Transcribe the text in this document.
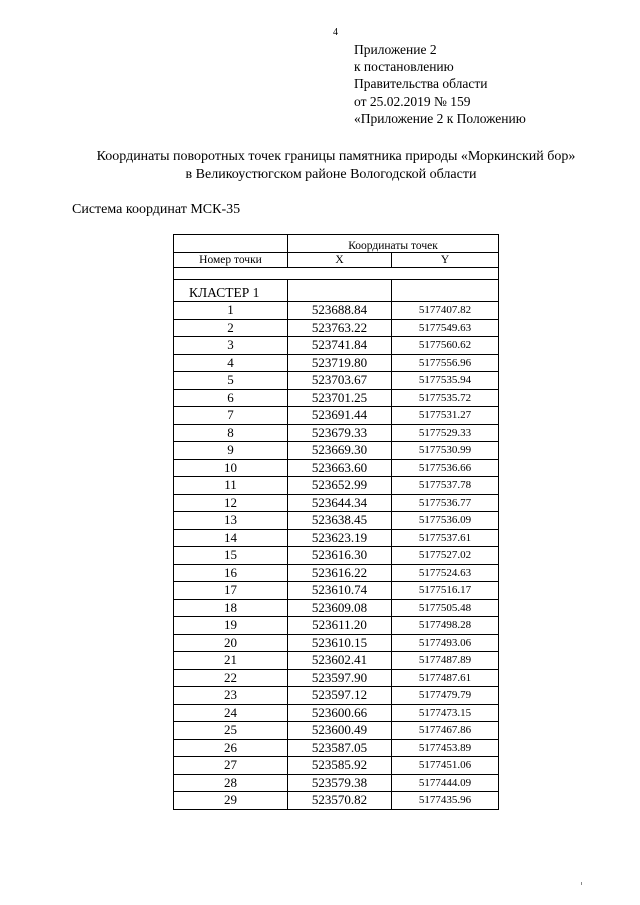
4
Приложение 2
к постановлению
Правительства области
от 25.02.2019 № 159
«Приложение 2 к Положению
Координаты поворотных точек границы памятника природы «Моркинский бор»
в Великоустюгском районе Вологодской области
Система координат МСК-35
	Координаты точек	
Номер точки	X	Y

КЛАСТЕР 1		
1	523688.84	5177407.82
2	523763.22	5177549.63
3	523741.84	5177560.62
4	523719.80	5177556.96
5	523703.67	5177535.94
6	523701.25	5177535.72
7	523691.44	5177531.27
8	523679.33	5177529.33
9	523669.30	5177530.99
10	523663.60	5177536.66
11	523652.99	5177537.78
12	523644.34	5177536.77
13	523638.45	5177536.09
14	523623.19	5177537.61
15	523616.30	5177527.02
16	523616.22	5177524.63
17	523610.74	5177516.17
18	523609.08	5177505.48
19	523611.20	5177498.28
20	523610.15	5177493.06
21	523602.41	5177487.89
22	523597.90	5177487.61
23	523597.12	5177479.79
24	523600.66	5177473.15
25	523600.49	5177467.86
26	523587.05	5177453.89
27	523585.92	5177451.06
28	523579.38	5177444.09
29	523570.82	5177435.96
